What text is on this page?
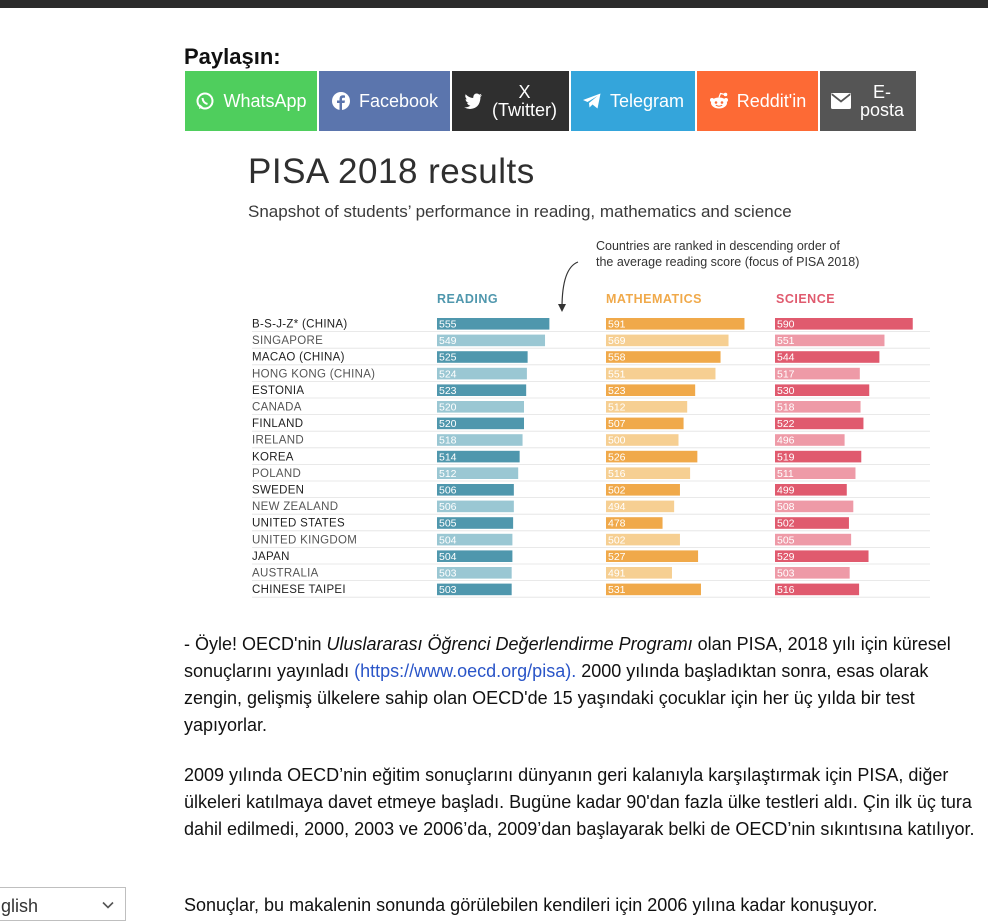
Paylaşın:
WhatsApp	Facebook	X (Twitter)	Telegram	Reddit'in	E-posta
PISA 2018 results
Snapshot of students’ performance in reading, mathematics and science
Countries are ranked in descending order of
the average reading score (focus of PISA 2018)
READING	MATHEMATICS	SCIENCE
B-S-J-Z* (CHINA)	555	591	590
SINGAPORE	549	569	551
MACAO (CHINA)	525	558	544
HONG KONG (CHINA)	524	551	517
ESTONIA	523	523	530
CANADA	520	512	518
FINLAND	520	507	522
IRELAND	518	500	496
KOREA	514	526	519
POLAND	512	516	511
SWEDEN	506	502	499
NEW ZEALAND	506	494	508
UNITED STATES	505	478	502
UNITED KINGDOM	504	502	505
JAPAN	504	527	529
AUSTRALIA	503	491	503
CHINESE TAIPEI	503	531	516
- Öyle! OECD'nin Uluslararası Öğrenci Değerlendirme Programı olan PISA, 2018 yılı için küresel sonuçlarını yayınladı (https://www.oecd.org/pisa). 2000 yılında başladıktan sonra, esas olarak zengin, gelişmiş ülkelere sahip olan OECD'de 15 yaşındaki çocuklar için her üç yılda bir test yapıyorlar.
2009 yılında OECD’nin eğitim sonuçlarını dünyanın geri kalanıyla karşılaştırmak için PISA, diğer ülkeleri katılmaya davet etmeye başladı. Bugüne kadar 90'dan fazla ülke testleri aldı. Çin ilk üç tura dahil edilmedi, 2000, 2003 ve 2006’da, 2009’dan başlayarak belki de OECD’nin sıkıntısına katılıyor.
Sonuçlar, bu makalenin sonunda görülebilen kendileri için 2006 yılına kadar konuşuyor.
glish
